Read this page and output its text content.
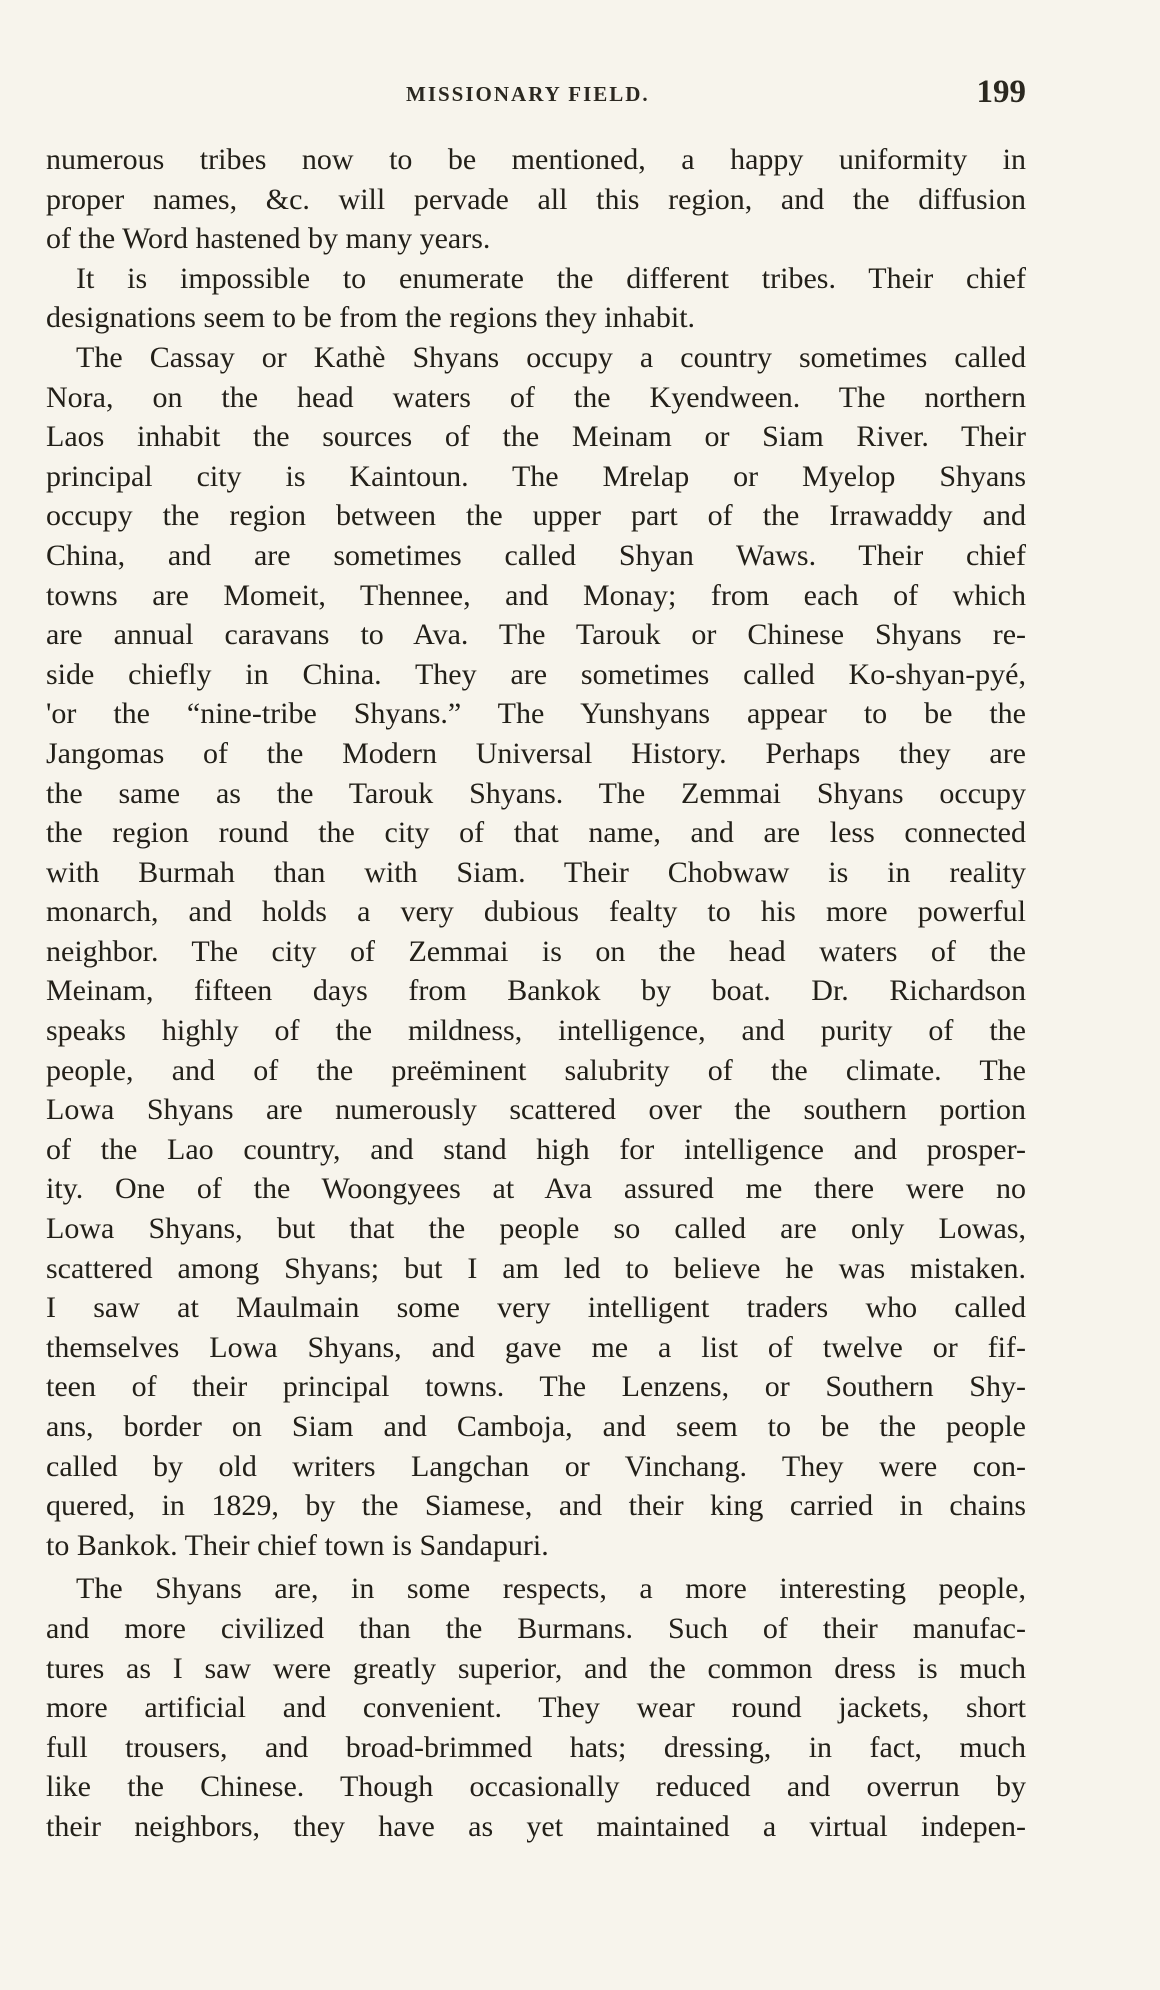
MISSIONARY FIELD.	199
numerous tribes now to be mentioned, a happy uniformity in
proper names, &c. will pervade all this region, and the diffusion
of the Word hastened by many years.
It is impossible to enumerate the different tribes. Their chief
designations seem to be from the regions they inhabit.
The Cassay or Kathè Shyans occupy a country sometimes called
Nora, on the head waters of the Kyendween. The northern
Laos inhabit the sources of the Meinam or Siam River. Their
principal city is Kaintoun. The Mrelap or Myelop Shyans
occupy the region between the upper part of the Irrawaddy and
China, and are sometimes called Shyan Waws. Their chief
towns are Momeit, Thennee, and Monay; from each of which
are annual caravans to Ava. The Tarouk or Chinese Shyans re-
side chiefly in China. They are sometimes called Ko-shyan-pyé,
'or the “nine-tribe Shyans.” The Yunshyans appear to be the
Jangomas of the Modern Universal History. Perhaps they are
the same as the Tarouk Shyans. The Zemmai Shyans occupy
the region round the city of that name, and are less connected
with Burmah than with Siam. Their Chobwaw is in reality
monarch, and holds a very dubious fealty to his more powerful
neighbor. The city of Zemmai is on the head waters of the
Meinam, fifteen days from Bankok by boat. Dr. Richardson
speaks highly of the mildness, intelligence, and purity of the
people, and of the preëminent salubrity of the climate. The
Lowa Shyans are numerously scattered over the southern portion
of the Lao country, and stand high for intelligence and prosper-
ity. One of the Woongyees at Ava assured me there were no
Lowa Shyans, but that the people so called are only Lowas,
scattered among Shyans; but I am led to believe he was mistaken.
I saw at Maulmain some very intelligent traders who called
themselves Lowa Shyans, and gave me a list of twelve or fif-
teen of their principal towns. The Lenzens, or Southern Shy-
ans, border on Siam and Camboja, and seem to be the people
called by old writers Langchan or Vinchang. They were con-
quered, in 1829, by the Siamese, and their king carried in chains
to Bankok. Their chief town is Sandapuri.
The Shyans are, in some respects, a more interesting people,
and more civilized than the Burmans. Such of their manufac-
tures as I saw were greatly superior, and the common dress is much
more artificial and convenient. They wear round jackets, short
full trousers, and broad-brimmed hats; dressing, in fact, much
like the Chinese. Though occasionally reduced and overrun by
their neighbors, they have as yet maintained a virtual indepen-
